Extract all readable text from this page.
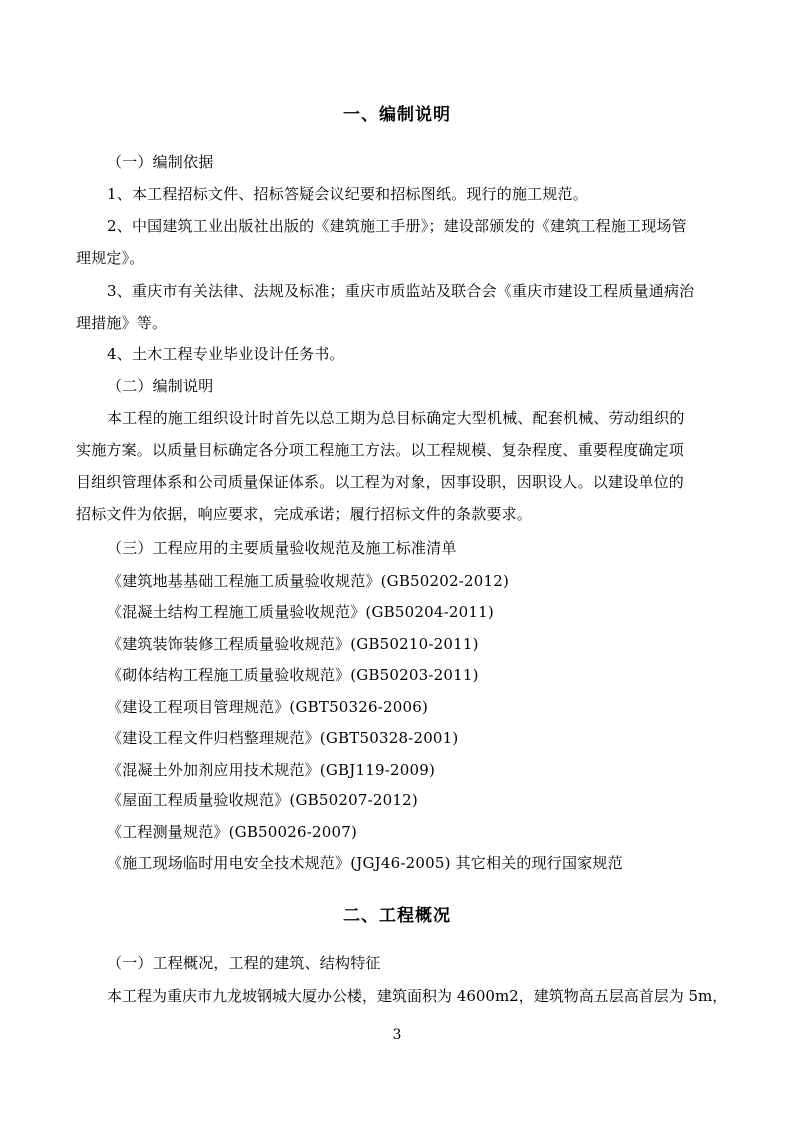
一、编制说明
（一）编制依据
1、本工程招标文件、招标答疑会议纪要和招标图纸。现行的施工规范。
2、中国建筑工业出版社出版的《建筑施工手册》；建设部颁发的《建筑工程施工现场管
理规定》。
3、重庆市有关法律、法规及标准；重庆市质监站及联合会《重庆市建设工程质量通病治
理措施》等。
4、土木工程专业毕业设计任务书。
（二）编制说明
本工程的施工组织设计时首先以总工期为总目标确定大型机械、配套机械、劳动组织的
实施方案。以质量目标确定各分项工程施工方法。以工程规模、复杂程度、重要程度确定项
目组织管理体系和公司质量保证体系。以工程为对象，因事设职，因职设人。以建设单位的
招标文件为依据，响应要求，完成承诺；履行招标文件的条款要求。
（三）工程应用的主要质量验收规范及施工标准清单
《建筑地基基础工程施工质量验收规范》(GB50202-2012)
《混凝土结构工程施工质量验收规范》(GB50204-2011)
《建筑装饰装修工程质量验收规范》(GB50210-2011)
《砌体结构工程施工质量验收规范》(GB50203-2011)
《建设工程项目管理规范》(GBT50326-2006)
《建设工程文件归档整理规范》(GBT50328-2001)
《混凝土外加剂应用技术规范》(GBJ119-2009)
《屋面工程质量验收规范》(GB50207-2012)
《工程测量规范》(GB50026-2007)
《施工现场临时用电安全技术规范》(JGJ46-2005) 其它相关的现行国家规范
二、工程概况
（一）工程概况，工程的建筑、结构特征
本工程为重庆市九龙坡钢城大厦办公楼，建筑面积为 4600m2，建筑物高五层高首层为 5m，
3
